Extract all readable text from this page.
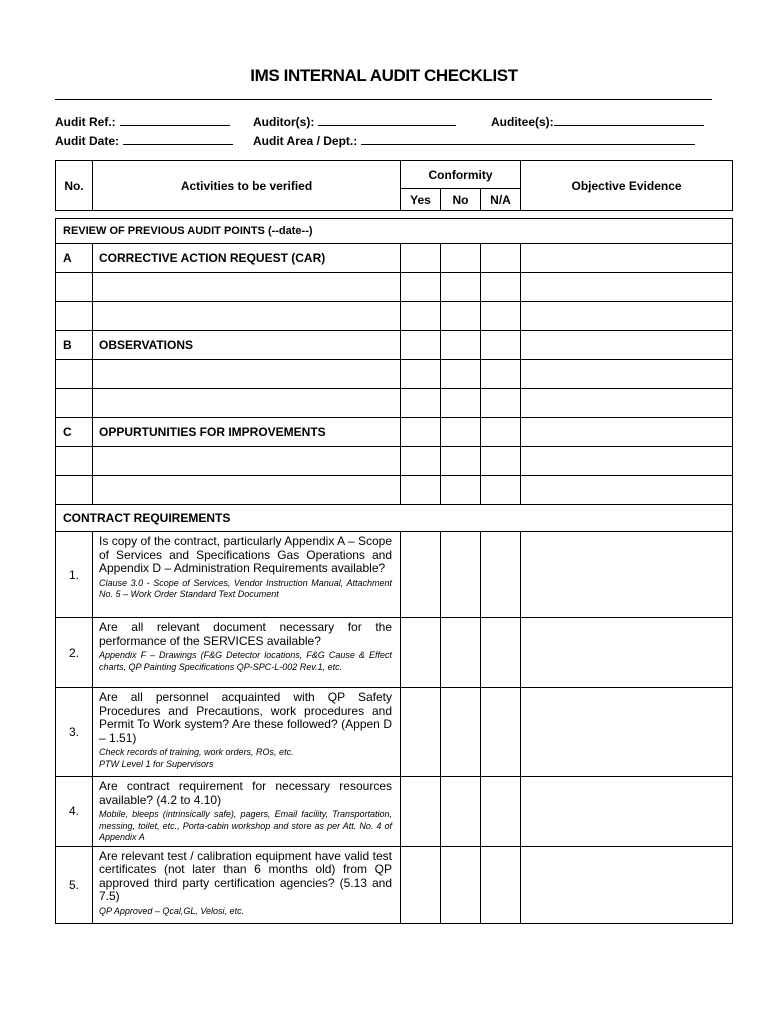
IMS INTERNAL AUDIT CHECKLIST
Audit Ref.:	Auditor(s):	Auditee(s):
Audit Date:	Audit Area / Dept.:
No.	Activities to be verified	Conformity			Objective Evidence
		Yes	No	N/A	
REVIEW OF PREVIOUS AUDIT POINTS (--date--)					
A	CORRECTIVE ACTION REQUEST (CAR)				

B	OBSERVATIONS				

C	OPPURTUNITIES FOR IMPROVEMENTS				

CONTRACT REQUIREMENTS					
1.	Is copy of the contract, particularly Appendix A – Scope of Services and Specifications Gas Operations and Appendix D – Administration Requirements available?
Clause 3.0 - Scope of Services, Vendor Instruction Manual, Attachment No. 5 – Work Order Standard Text Document				

2.	Are all relevant document necessary for the performance of the SERVICES available?
Appendix F – Drawings (F&G Detector locations, F&G Cause & Effect charts, QP Painting Specifications QP-SPC-L-002 Rev.1, etc.				

3.	Are all personnel acquainted with QP Safety Procedures and Precautions, work procedures and Permit To Work system? Are these followed? (Appen D – 1.51)
Check records of training, work orders, ROs, etc.
PTW Level 1 for Supervisors				

4.	Are contract requirement for necessary resources available? (4.2 to 4.10)
Mobile, bleeps (intrinsically safe), pagers, Email facility, Transportation, messing, toilet, etc., Porta-cabin workshop and store as per Att. No. 4 of Appendix A				

5.	Are relevant test / calibration equipment have valid test certificates (not later than 6 months old) from QP approved third party certification agencies? (5.13 and 7.5)
QP Approved – Qcal,GL, Velosi, etc.				
